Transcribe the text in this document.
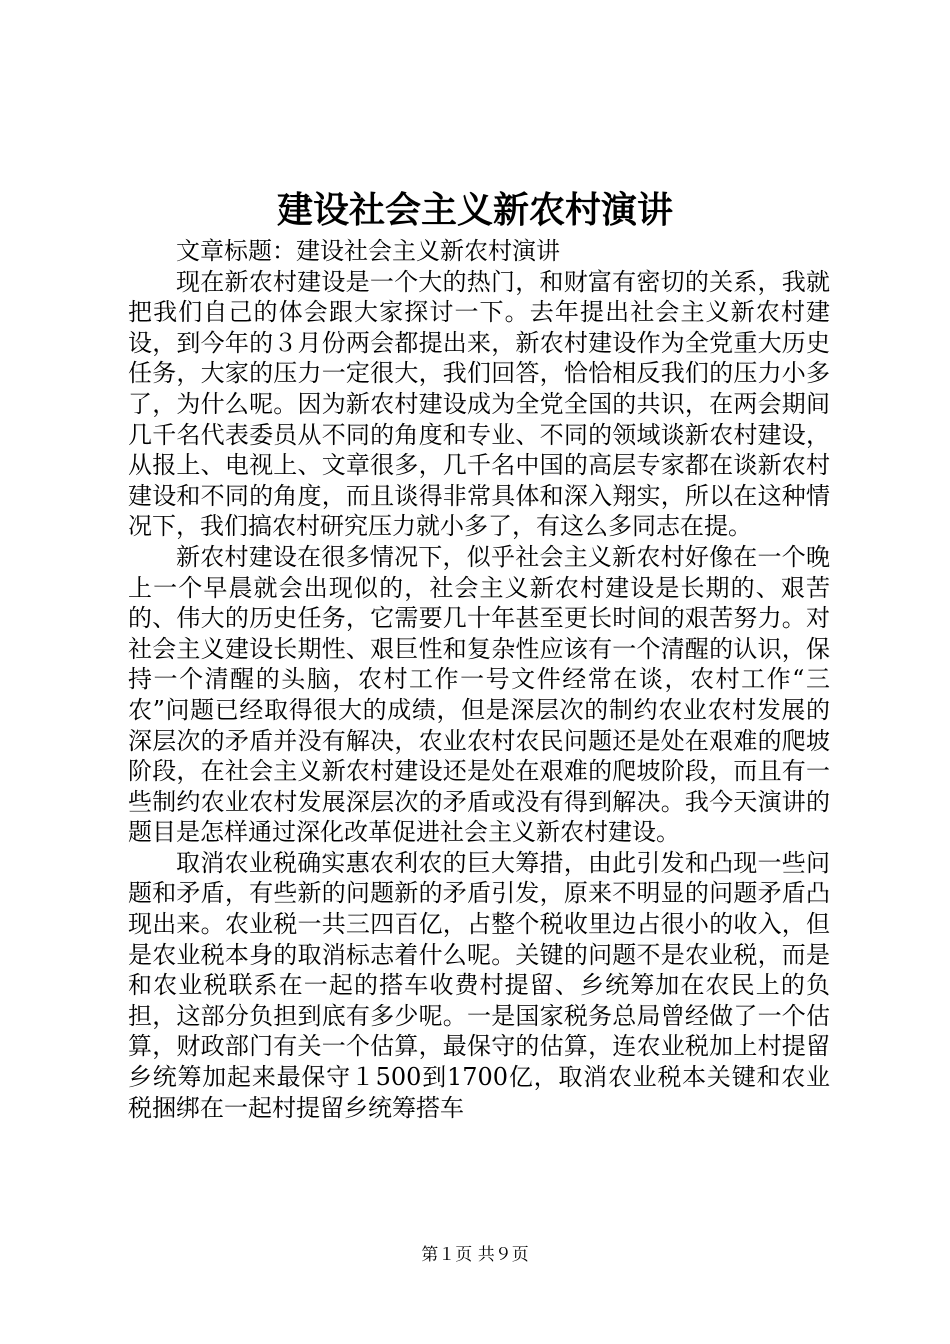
建设社会主义新农村演讲

文章标题：建设社会主义新农村演讲

现在新农村建设是一个大的热门，和财富有密切的关系，我就把我们自己的体会跟大家探讨一下。去年提出社会主义新农村建设，到今年的３月份两会都提出来，新农村建设作为全党重大历史任务，大家的压力一定很大，我们回答，恰恰相反我们的压力小多了，为什么呢。因为新农村建设成为全党全国的共识，在两会期间几千名代表委员从不同的角度和专业、不同的领域谈新农村建设，从报上、电视上、文章很多，几千名中国的高层专家都在谈新农村建设和不同的角度，而且谈得非常具体和深入翔实，所以在这种情况下，我们搞农村研究压力就小多了，有这么多同志在提。

新农村建设在很多情况下，似乎社会主义新农村好像在一个晚上一个早晨就会出现似的，社会主义新农村建设是长期的、艰苦的、伟大的历史任务，它需要几十年甚至更长时间的艰苦努力。对社会主义建设长期性、艰巨性和复杂性应该有一个清醒的认识，保持一个清醒的头脑，农村工作一号文件经常在谈，农村工作“三农”问题已经取得很大的成绩，但是深层次的制约农业农村发展的深层次的矛盾并没有解决，农业农村农民问题还是处在艰难的爬坡阶段，在社会主义新农村建设还是处在艰难的爬坡阶段，而且有一些制约农业农村发展深层次的矛盾或没有得到解决。我今天演讲的题目是怎样通过深化改革促进社会主义新农村建设。

取消农业税确实惠农利农的巨大筹措，由此引发和凸现一些问题和矛盾，有些新的问题新的矛盾引发，原来不明显的问题矛盾凸现出来。农业税一共三四百亿，占整个税收里边占很小的收入，但是农业税本身的取消标志着什么呢。关键的问题不是农业税，而是和农业税联系在一起的搭车收费村提留、乡统筹加在农民上的负担，这部分负担到底有多少呢。一是国家税务总局曾经做了一个估算，财政部门有关一个估算，最保守的估算，连农业税加上村提留乡统筹加起来最保守１500到1700亿，取消农业税本关键和农业税捆绑在一起村提留乡统筹搭车

第１页 共９页
